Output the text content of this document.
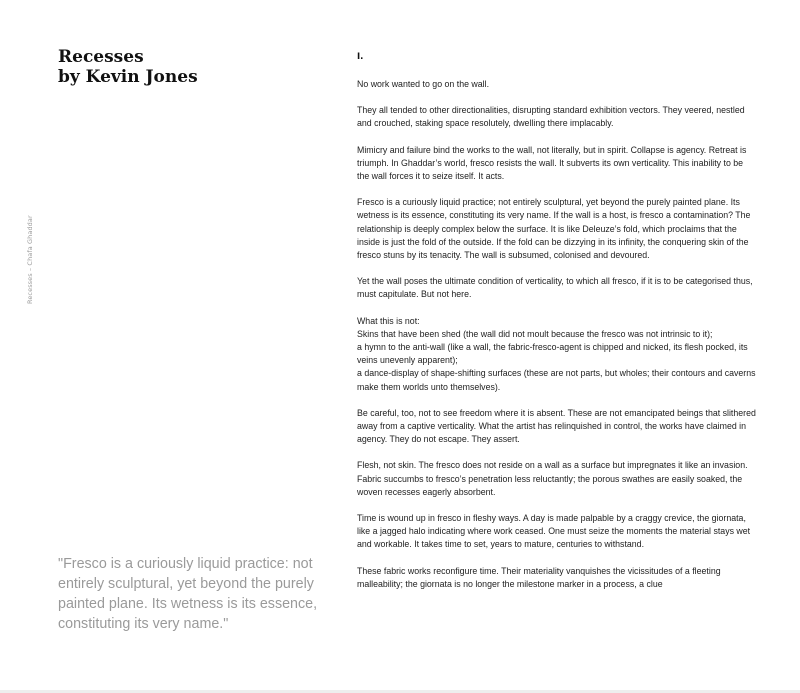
Recesses
by Kevin Jones
Recesses – Chafa Ghaddar

"Fresco is a curiously liquid practice: not entirely sculptural, yet beyond the purely painted plane. Its wetness is its essence, constituting its very name."

I.

No work wanted to go on the wall.

They all tended to other directionalities, disrupting standard exhibition vectors. They veered, nestled and crouched, staking space resolutely, dwelling there implacably.

Mimicry and failure bind the works to the wall, not literally, but in spirit. Collapse is agency. Retreat is triumph. In Ghaddar’s world, fresco resists the wall. It subverts its own verticality. This inability to be the wall forces it to seize itself. It acts.

Fresco is a curiously liquid practice; not entirely sculptural, yet beyond the purely painted plane. Its wetness is its essence, constituting its very name. If the wall is a host, is fresco a contamination? The relationship is deeply complex below the surface. It is like Deleuze’s fold, which proclaims that the inside is just the fold of the outside. If the fold can be dizzying in its infinity, the conquering skin of the fresco stuns by its tenacity. The wall is subsumed, colonised and devoured.

Yet the wall poses the ultimate condition of verticality, to which all fresco, if it is to be categorised thus, must capitulate. But not here.

What this is not:
Skins that have been shed (the wall did not moult because the fresco was not intrinsic to it);
a hymn to the anti-wall (like a wall, the fabric-fresco-agent is chipped and nicked, its flesh pocked, its veins unevenly apparent);
a dance-display of shape-shifting surfaces (these are not parts, but wholes; their contours and caverns make them worlds unto themselves).

Be careful, too, not to see freedom where it is absent. These are not emancipated beings that slithered away from a captive verticality. What the artist has relinquished in control, the works have claimed in agency. They do not escape. They assert.

Flesh, not skin. The fresco does not reside on a wall as a surface but impregnates it like an invasion. Fabric succumbs to fresco’s penetration less reluctantly; the porous swathes are easily soaked, the woven recesses eagerly absorbent.

Time is wound up in fresco in fleshy ways. A day is made palpable by a craggy crevice, the giornata, like a jagged halo indicating where work ceased. One must seize the moments the material stays wet and workable. It takes time to set, years to mature, centuries to withstand.

These fabric works reconfigure time. Their materiality vanquishes the vicissitudes of a fleeting malleability; the giornata is no longer the milestone marker in a process, a clue
